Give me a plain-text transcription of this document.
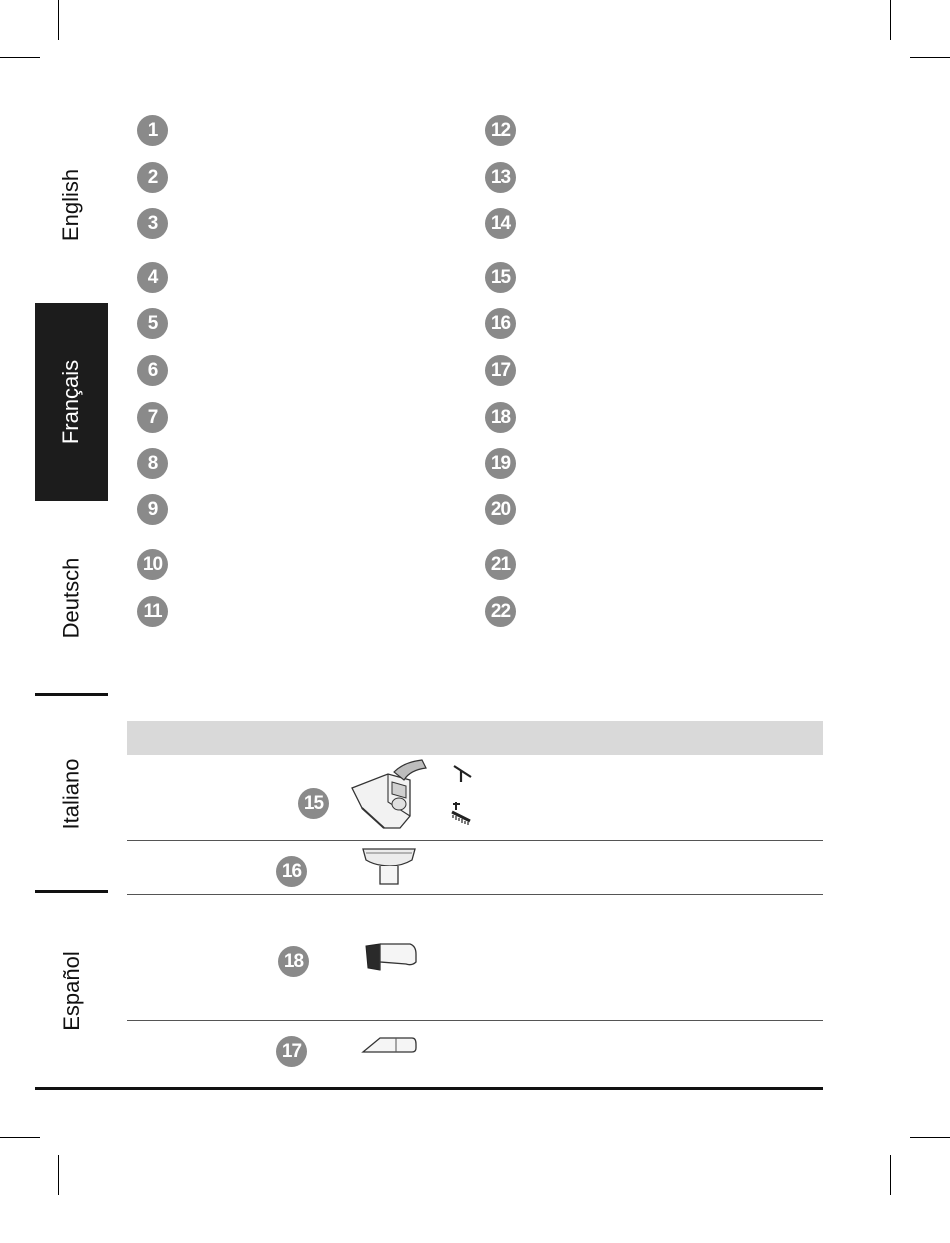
English
Français
Deutsch
Italiano
Español
1
2
3
4
5
6
7
8
9
10
11
12
13
14
15
16
17
18
19
20
21
22
15
16
18
17
